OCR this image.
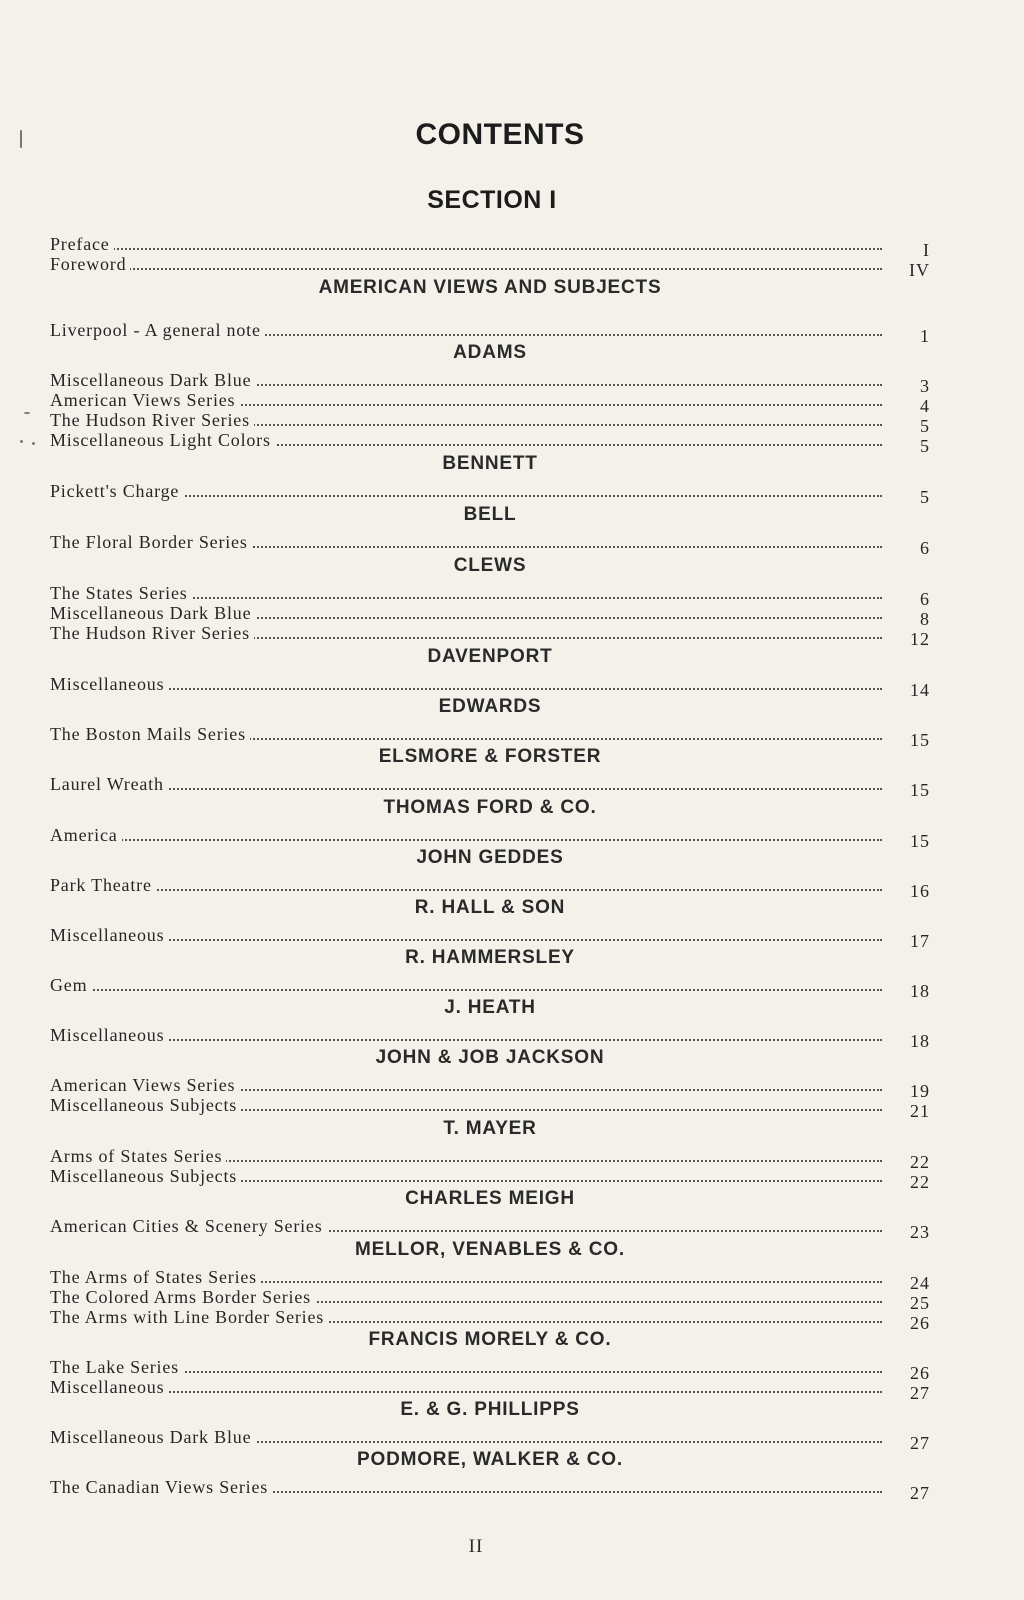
CONTENTS
SECTION I
Preface	I
Foreword	IV
AMERICAN VIEWS AND SUBJECTS
Liverpool - A general note	1
ADAMS
Miscellaneous Dark Blue	3
American Views Series	4
The Hudson River Series	5
Miscellaneous Light Colors	5
BENNETT
Pickett's Charge	5
BELL
The Floral Border Series	6
CLEWS
The States Series	6
Miscellaneous Dark Blue	8
The Hudson River Series	12
DAVENPORT
Miscellaneous	14
EDWARDS
The Boston Mails Series	15
ELSMORE & FORSTER
Laurel Wreath	15
THOMAS FORD & CO.
America	15
JOHN GEDDES
Park Theatre	16
R. HALL & SON
Miscellaneous	17
R. HAMMERSLEY
Gem	18
J. HEATH
Miscellaneous	18
JOHN & JOB JACKSON
American Views Series	19
Miscellaneous Subjects	21
T. MAYER
Arms of States Series	22
Miscellaneous Subjects	22
CHARLES MEIGH
American Cities & Scenery Series	23
MELLOR, VENABLES & CO.
The Arms of States Series	24
The Colored Arms Border Series	25
The Arms with Line Border Series	26
FRANCIS MORELY & CO.
The Lake Series	26
Miscellaneous	27
E. & G. PHILLIPPS
Miscellaneous Dark Blue	27
PODMORE, WALKER & CO.
The Canadian Views Series	27
II
